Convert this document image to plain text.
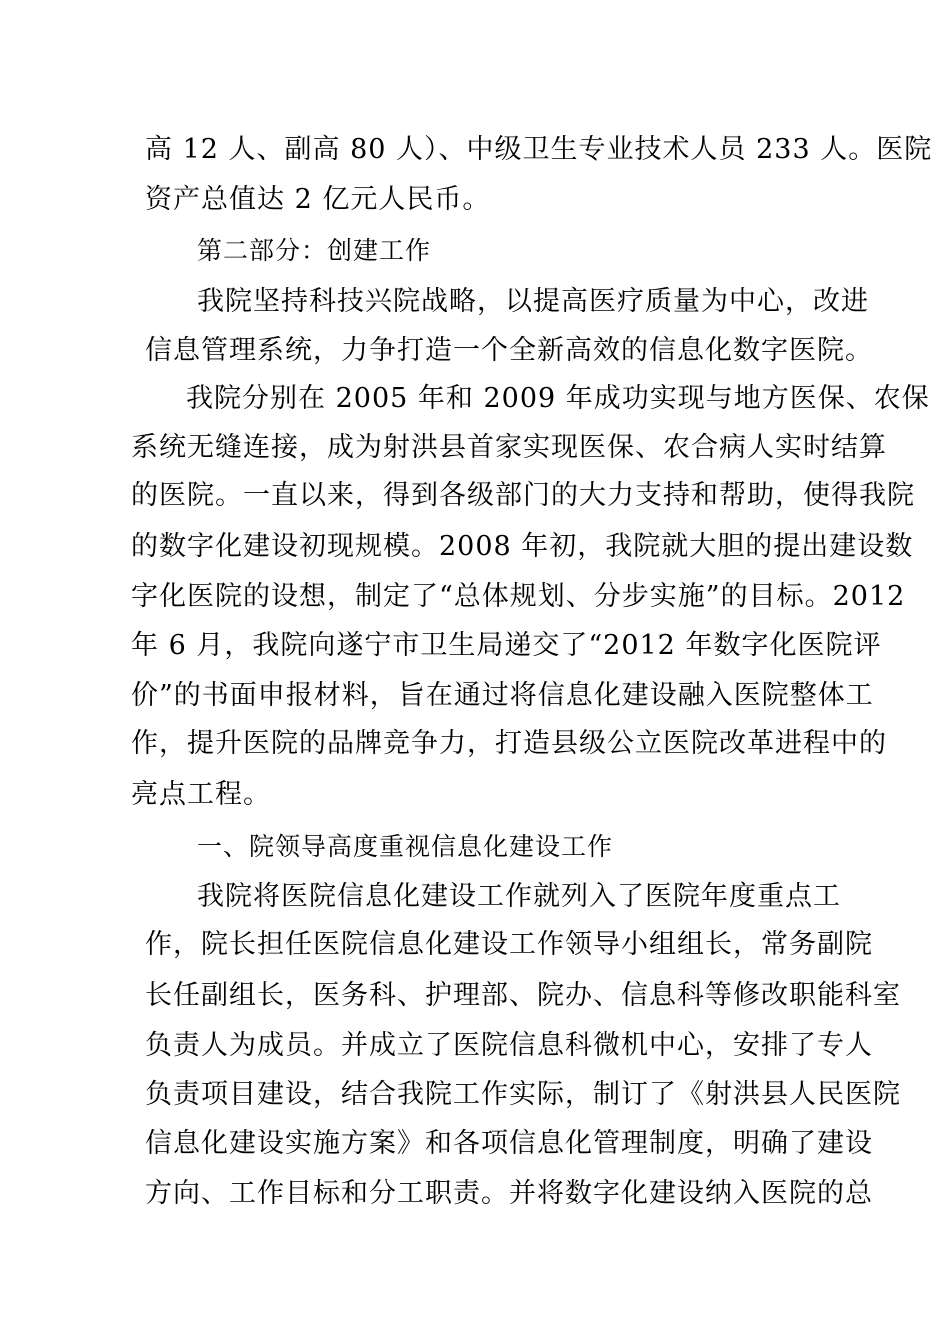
高 12 人、副高 80 人）、中级卫生专业技术人员 233 人。医院
资产总值达 2 亿元人民币。
第二部分：创建工作
我院坚持科技兴院战略，以提高医疗质量为中心，改进
信息管理系统，力争打造一个全新高效的信息化数字医院。
我院分别在 2005 年和 2009 年成功实现与地方医保、农保
系统无缝连接，成为射洪县首家实现医保、农合病人实时结算
的医院。一直以来，得到各级部门的大力支持和帮助，使得我院
的数字化建设初现规模。2008 年初，我院就大胆的提出建设数
字化医院的设想，制定了“总体规划、分步实施”的目标。2012
年 6 月，我院向遂宁市卫生局递交了“2012 年数字化医院评
价”的书面申报材料，旨在通过将信息化建设融入医院整体工
作，提升医院的品牌竞争力，打造县级公立医院改革进程中的
亮点工程。
一、院领导高度重视信息化建设工作
我院将医院信息化建设工作就列入了医院年度重点工
作，院长担任医院信息化建设工作领导小组组长，常务副院
长任副组长，医务科、护理部、院办、信息科等修改职能科室
负责人为成员。并成立了医院信息科微机中心，安排了专人
负责项目建设，结合我院工作实际，制订了《射洪县人民医院
信息化建设实施方案》和各项信息化管理制度，明确了建设
方向、工作目标和分工职责。并将数字化建设纳入医院的总
